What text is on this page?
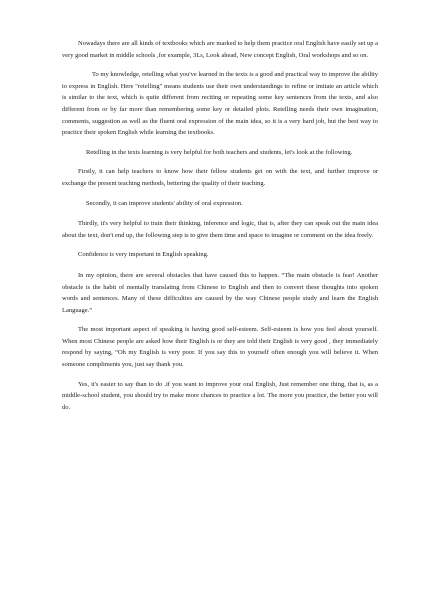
Nowadays there are all kinds of textbooks which are marked to help them practice oral English have easily set up a very good market in middle schools ,for example, 3Ls, Look ahead, New concept English, Oral workshops and so on.

To my knowledge, retelling what you've learned in the texts is a good and practical way to improve the ability to express in English. Here "retelling" means students use their own understandings to refine or imitate an article which is similar to the text, which is quite different from reciting or repeating some key sentences from the texts, and also different from or by far more than remembering some key or detailed plots. Retelling needs their own imagination, comments, suggestion as well as the fluent oral expression of the main idea, so it is a very hard job, but the best way to practice their spoken English while learning the textbooks.

Retelling in the texts learning is very helpful for both teachers and students, let's look at the following.

Firstly, it can help teachers to know how their fellow students get on with the text, and further improve or exchange the present teaching methods, bettering the quality of their teaching.

Secondly, it can improve students' ability of oral expression.

Thirdly, it's very helpful to train their thinking, inference and logic, that is, after they can speak out the main idea about the text, don't end up, the following step is to give them time and space to imagine or comment on the idea freely.

Confidence is very important in English speaking.

In my opinion, there are several obstacles that have caused this to happen. “The main obstacle is fear! Another obstacle is the habit of mentally translating from Chinese to English and then to convert these thoughts into spoken words and sentences. Many of these difficulties are caused by the way Chinese people study and learn the English Language.”

The most important aspect of speaking is having good self-esteem. Self-esteem is how you feel about yourself. When most Chinese people are asked how their English is or they are told their English is very good , they immediately respond by saying, “Oh my English is very poor. If you say this to yourself often enough you will believe it. When someone compliments you, just say thank you.

Yes, it's easier to say than to do .if you want to improve your oral English, Just remember one thing, that is, as a middle-school student, you should try to make more chances to practice a lot. The more you practice, the better you will do.
